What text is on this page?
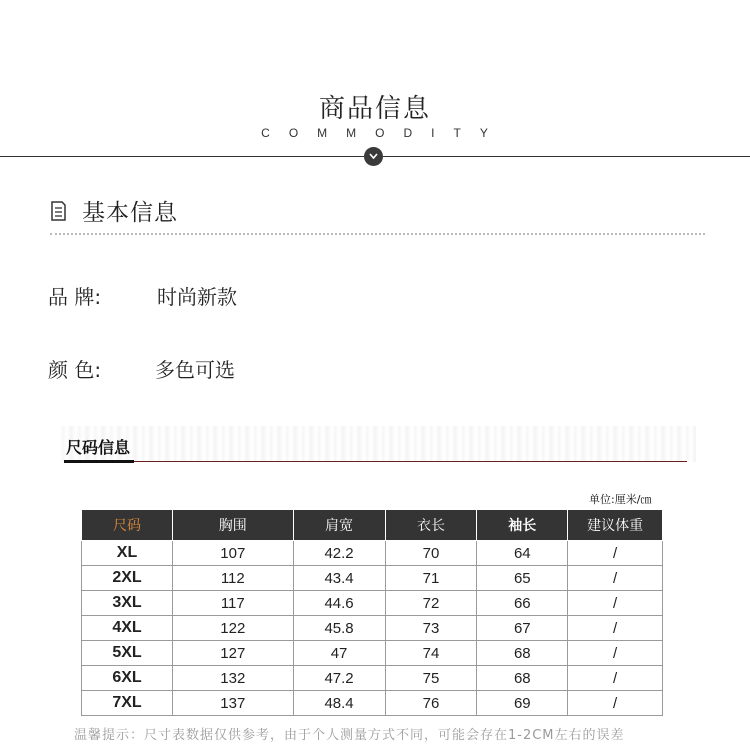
商品信息
COMMODITY
基本信息
品 牌:	时尚新款
颜 色:	多色可选
尺码信息
单位:厘米/㎝
尺码	胸围	肩宽	衣长	袖长	建议体重
XL	107	42.2	70	64	/
2XL	112	43.4	71	65	/
3XL	117	44.6	72	66	/
4XL	122	45.8	73	67	/
5XL	127	47	74	68	/
6XL	132	47.2	75	68	/
7XL	137	48.4	76	69	/
温馨提示：尺寸表数据仅供参考，由于个人测量方式不同，可能会存在1-2CM左右的误差
